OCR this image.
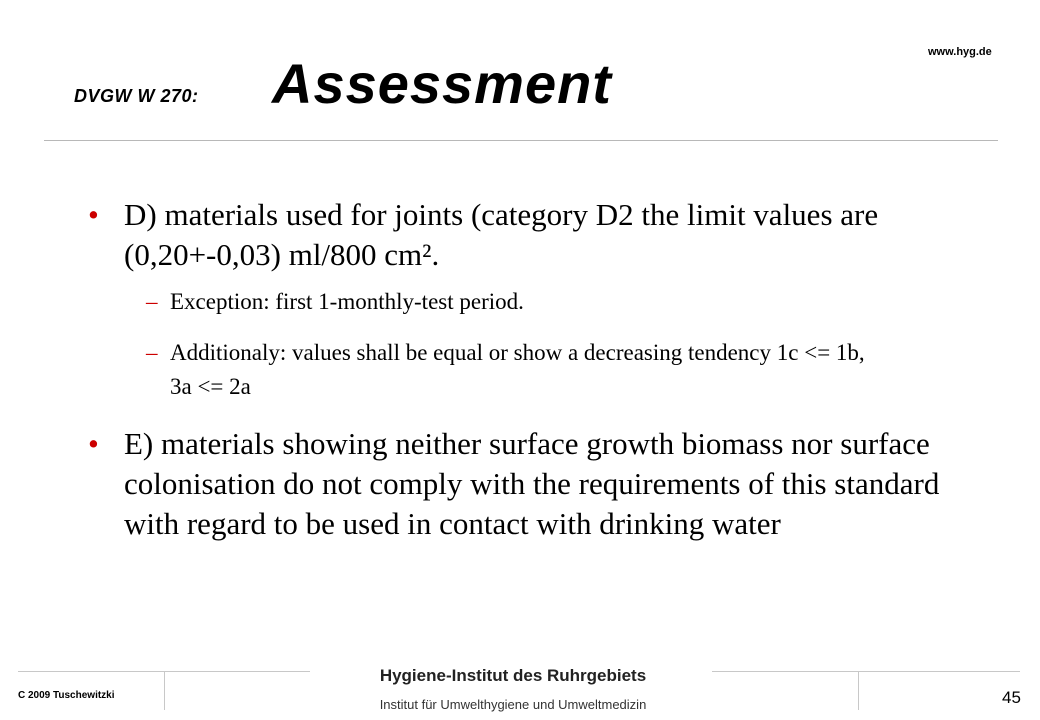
www.hyg.de
DVGW W 270: Assessment
• D) materials used for joints (category D2 the limit values are (0,20+-0,03) ml/800 cm².
– Exception: first 1-monthly-test period.
– Additionaly: values shall be equal or show a decreasing tendency 1c <= 1b, 3a <= 2a
• E) materials showing neither surface growth biomass nor surface colonisation do not comply with the requirements of this standard with regard to be used in contact with drinking water
C 2009 Tuschewitzki
Hygiene-Institut des Ruhrgebiets
Institut für Umwelthygiene und Umweltmedizin	45
